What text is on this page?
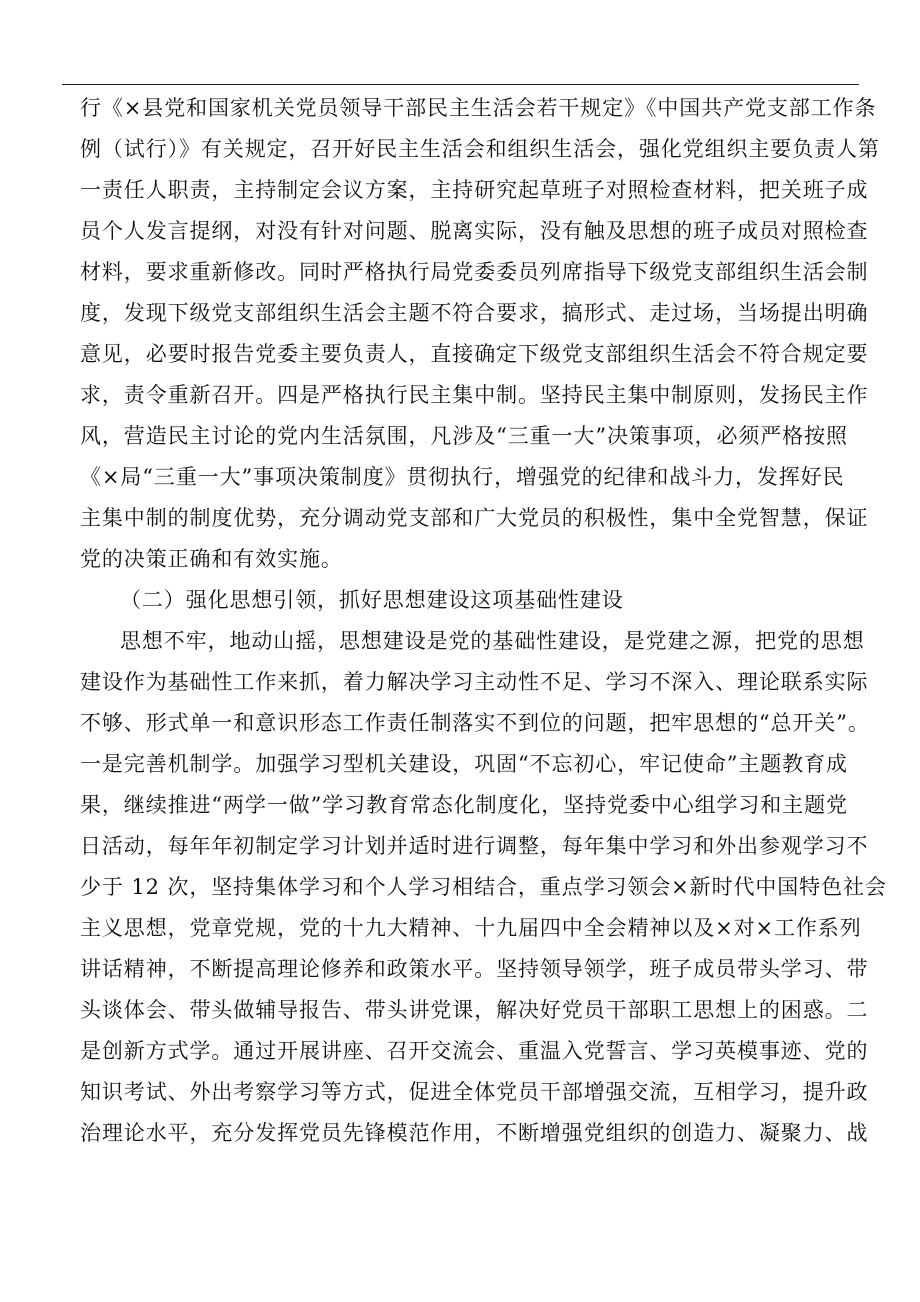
行《×县党和国家机关党员领导干部民主生活会若干规定》《中国共产党支部工作条
例（试行）》有关规定，召开好民主生活会和组织生活会，强化党组织主要负责人第
一责任人职责，主持制定会议方案，主持研究起草班子对照检查材料，把关班子成
员个人发言提纲，对没有针对问题、脱离实际，没有触及思想的班子成员对照检查
材料，要求重新修改。同时严格执行局党委委员列席指导下级党支部组织生活会制
度，发现下级党支部组织生活会主题不符合要求，搞形式、走过场，当场提出明确
意见，必要时报告党委主要负责人，直接确定下级党支部组织生活会不符合规定要
求，责令重新召开。四是严格执行民主集中制。坚持民主集中制原则，发扬民主作
风，营造民主讨论的党内生活氛围，凡涉及“三重一大”决策事项，必须严格按照
《×局“三重一大”事项决策制度》贯彻执行，增强党的纪律和战斗力，发挥好民
主集中制的制度优势，充分调动党支部和广大党员的积极性，集中全党智慧，保证
党的决策正确和有效实施。
（二）强化思想引领，抓好思想建设这项基础性建设
思想不牢，地动山摇，思想建设是党的基础性建设，是党建之源，把党的思想
建设作为基础性工作来抓，着力解决学习主动性不足、学习不深入、理论联系实际
不够、形式单一和意识形态工作责任制落实不到位的问题，把牢思想的“总开关”。
一是完善机制学。加强学习型机关建设，巩固“不忘初心，牢记使命”主题教育成
果，继续推进“两学一做”学习教育常态化制度化，坚持党委中心组学习和主题党
日活动，每年年初制定学习计划并适时进行调整，每年集中学习和外出参观学习不
少于 12 次，坚持集体学习和个人学习相结合，重点学习领会×新时代中国特色社会
主义思想，党章党规，党的十九大精神、十九届四中全会精神以及×对×工作系列
讲话精神，不断提高理论修养和政策水平。坚持领导领学，班子成员带头学习、带
头谈体会、带头做辅导报告、带头讲党课，解决好党员干部职工思想上的困惑。二
是创新方式学。通过开展讲座、召开交流会、重温入党誓言、学习英模事迹、党的
知识考试、外出考察学习等方式，促进全体党员干部增强交流，互相学习，提升政
治理论水平，充分发挥党员先锋模范作用，不断增强党组织的创造力、凝聚力、战
